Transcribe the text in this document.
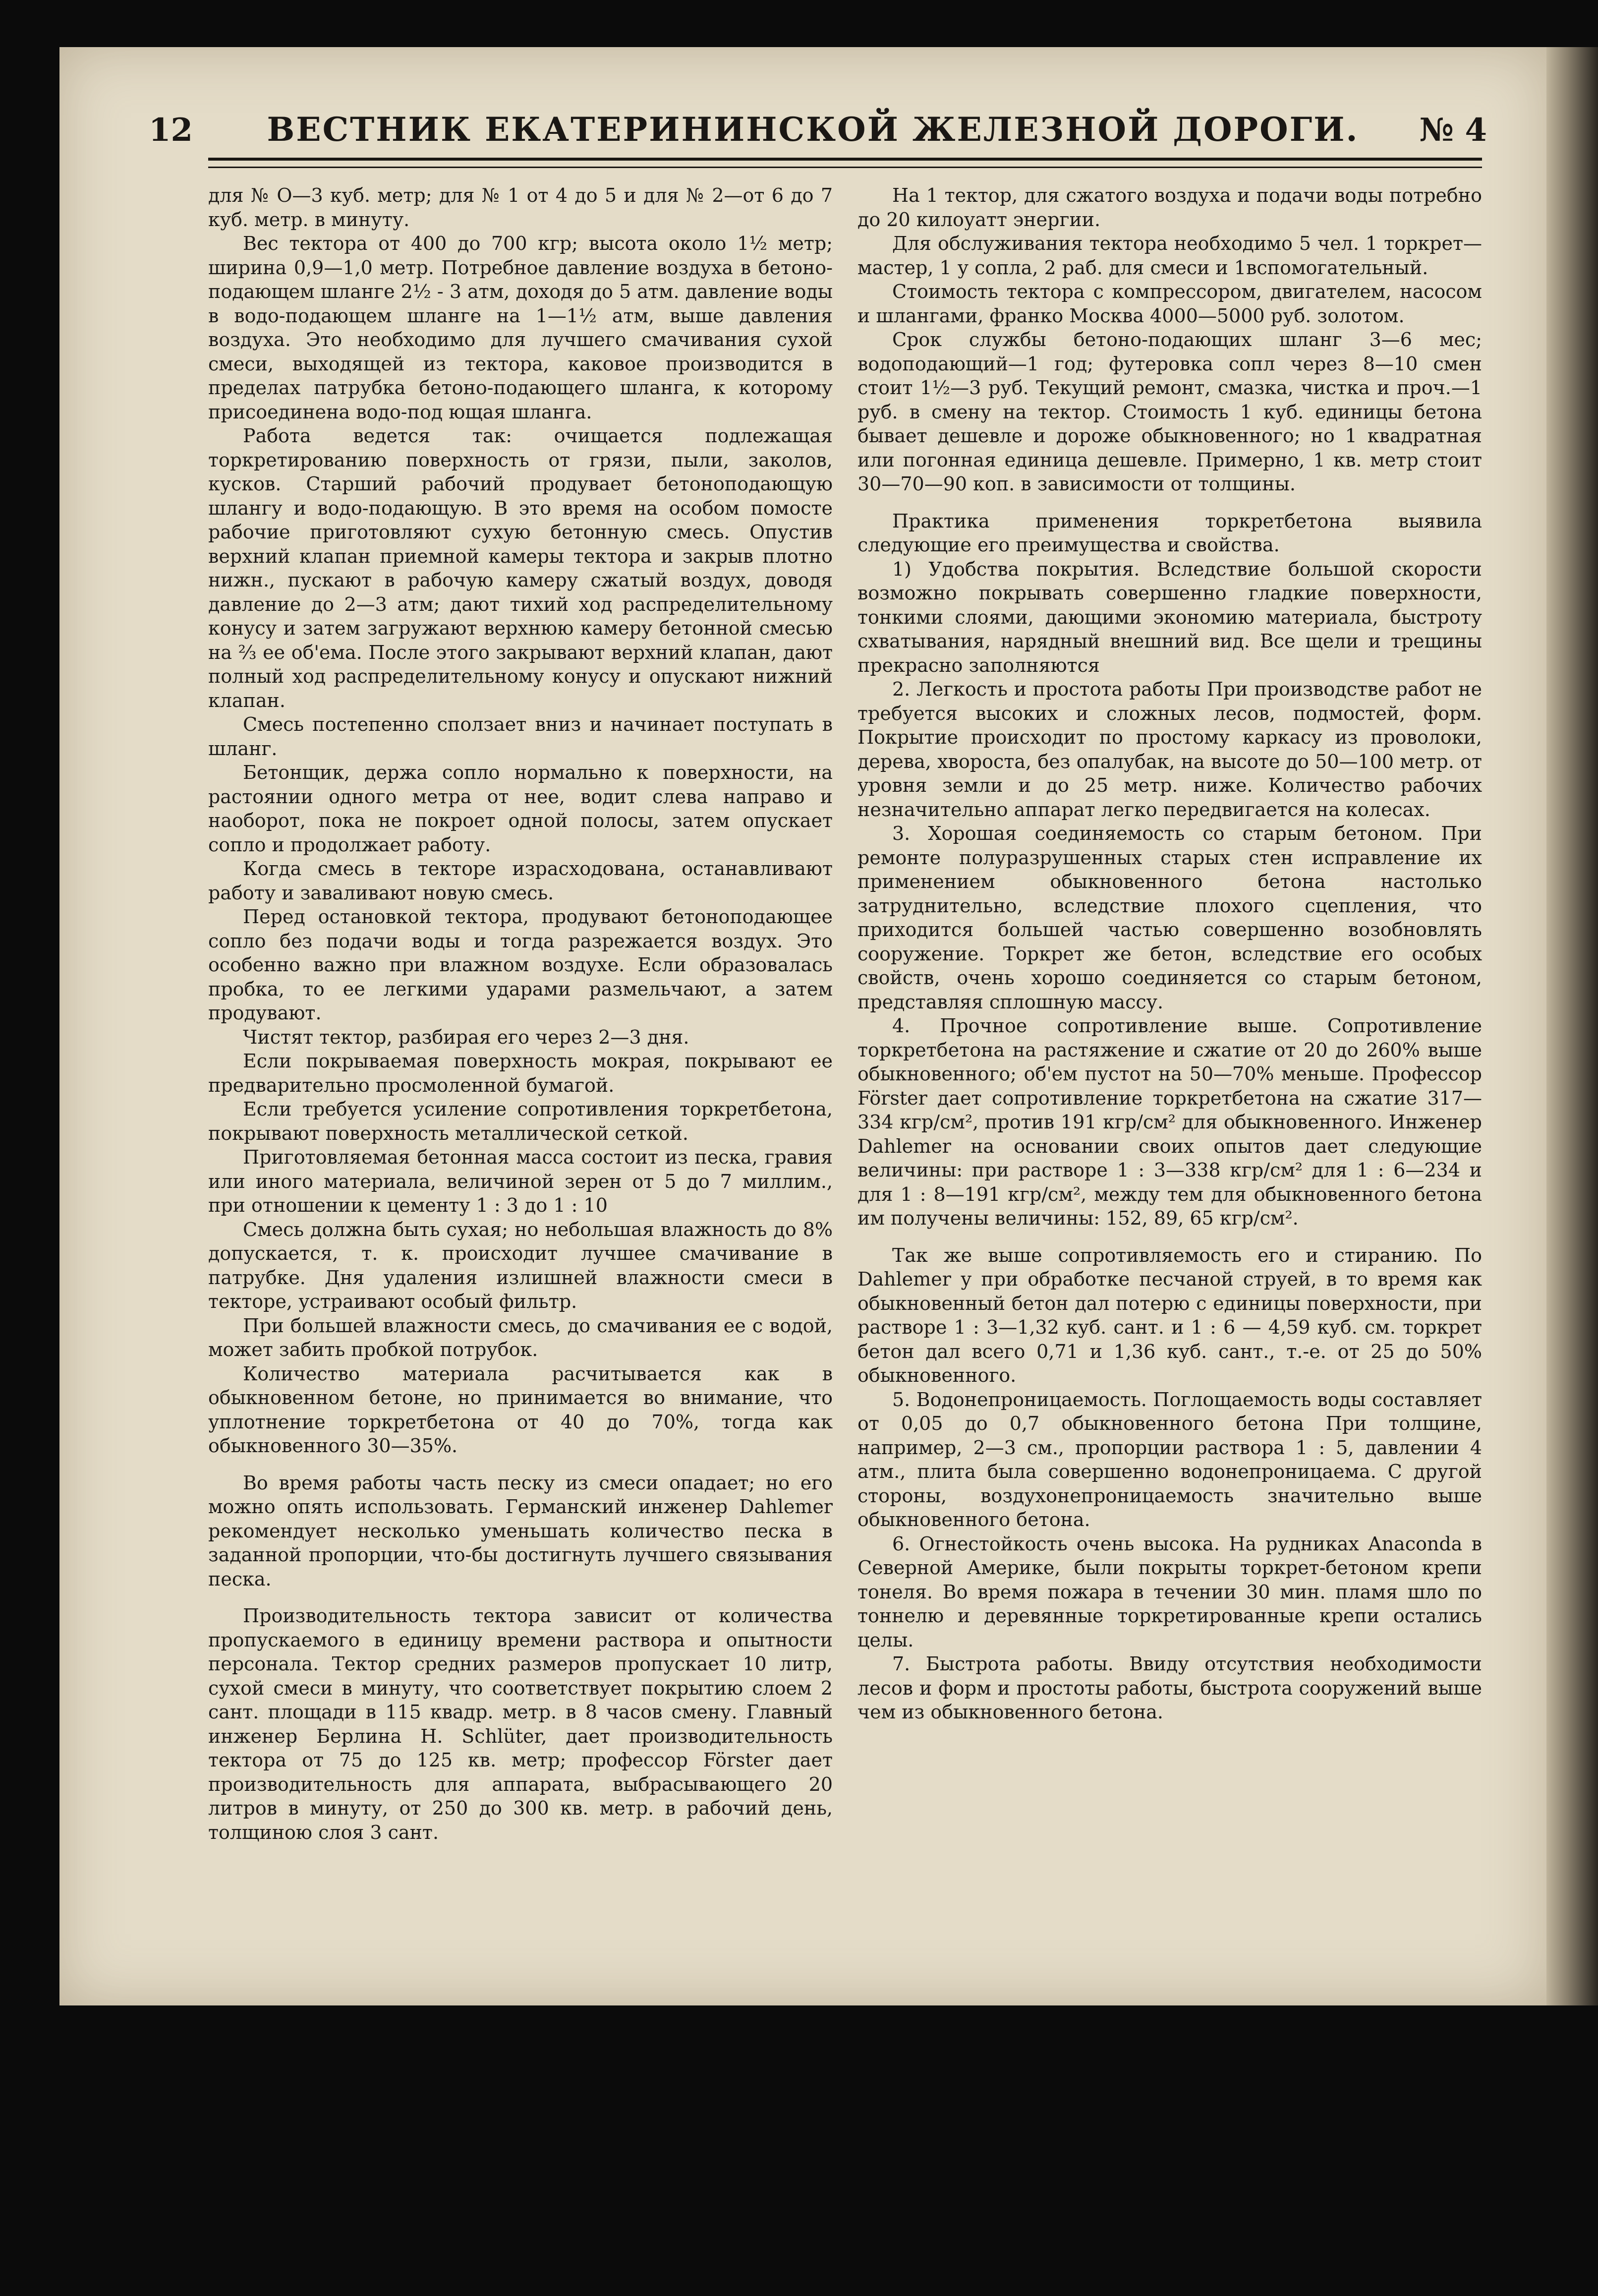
12	ВЕСТНИК ЕКАТЕРИНИНСКОЙ ЖЕЛЕЗНОЙ ДОРОГИ.	№ 4

для № О—3 куб. метр; для № 1 от 4 до 5 и для № 2—от 6 до 7 куб. метр. в минуту.

Вес тектора от 400 до 700 кгр; высота около 1½ метр; ширина 0,9—1,0 метр. Потребное давление воздуха в бетоно-подающем шланге 2½ - 3 атм, доходя до 5 атм. давление воды в водо-подающем шланге на 1—1½ атм, выше давления воздуха. Это необходимо для лучшего смачивания сухой смеси, выходящей из тектора, каковое производится в пределах патрубка бетоно-подающего шланга, к которому присоединена водо-под ющая шланга.

Работа ведется так: очищается подлежащая торкретированию поверхность от грязи, пыли, заколов, кусков. Старший рабочий продувает бетоноподающую шлангу и водо-подающую. В это время на особом помосте рабочие приготовляют сухую бетонную смесь. Опустив верхний клапан приемной камеры тектора и закрыв плотно нижн., пускают в рабочую камеру сжатый воздух, доводя давление до 2—3 атм; дают тихий ход распределительному конусу и затем загружают верхнюю камеру бетонной смесью на ⅔ ее об'ема. После этого закрывают верхний клапан, дают полный ход распределительному конусу и опускают нижний клапан.

Смесь постепенно сползает вниз и начинает поступать в шланг.

Бетонщик, держа сопло нормально к поверхности, на растоянии одного метра от нее, водит слева направо и наоборот, пока не покроет одной полосы, затем опускает сопло и продолжает работу.

Когда смесь в текторе израсходована, останавливают работу и заваливают новую смесь.

Перед остановкой тектора, продувают бетоноподающее сопло без подачи воды и тогда разрежается воздух. Это особенно важно при влажном воздухе. Если образовалась пробка, то ее легкими ударами размельчают, а затем продувают.

Чистят тектор, разбирая его через 2—3 дня.

Если покрываемая поверхность мокрая, покрывают ее предварительно просмоленной бумагой.

Если требуется усиление сопротивления торкретбетона, покрывают поверхность металлической сеткой.

Приготовляемая бетонная масса состоит из песка, гравия или иного материала, величиной зерен от 5 до 7 миллим., при отношении к цементу 1 : 3 до 1 : 10

Смесь должна быть сухая; но небольшая влажность до 8% допускается, т. к. происходит лучшее смачивание в патрубке. Дня удаления излишней влажности смеси в текторе, устраивают особый фильтр.

При большей влажности смесь, до смачивания ее с водой, может забить пробкой потрубок.

Количество материала расчитывается как в обыкновенном бетоне, но принимается во внимание, что уплотнение торкретбетона от 40 до 70%, тогда как обыкновенного 30—35%.

Во время работы часть песку из смеси опадает; но его можно опять использовать. Германский инженер Dahlemer рекомендует несколько уменьшать количество песка в заданной пропорции, что-бы достигнуть лучшего связывания песка.

Производительность тектора зависит от количества пропускаемого в единицу времени раствора и опытности персонала. Тектор средних размеров пропускает 10 литр, сухой смеси в минуту, что соответствует покрытию слоем 2 сант. площади в 115 квадр. метр. в 8 часов смену. Главный инженер Берлина Н. Schlüter, дает производительность тектора от 75 до 125 кв. метр; профессор Förster дает производительность для аппарата, выбрасывающего 20 литров в минуту, от 250 до 300 кв. метр. в рабочий день, толщиною слоя 3 сант.

На 1 тектор, для сжатого воздуха и подачи воды потребно до 20 килоуатт энергии.

Для обслуживания тектора необходимо 5 чел. 1 торкрет—мастер, 1 у сопла, 2 раб. для смеси и 1вспомогательный.

Стоимость тектора с компрессором, двигателем, насосом и шлангами, франко Москва 4000—5000 руб. золотом.

Срок службы бетоно-подающих шланг 3—6 мес; водоподающий—1 год; футеровка сопл через 8—10 смен стоит 1½—3 руб. Текущий ремонт, смазка, чистка и проч.—1 руб. в смену на тектор. Стоимость 1 куб. единицы бетона бывает дешевле и дороже обыкновенного; но 1 квадратная или погонная единица дешевле. Примерно, 1 кв. метр стоит 30—70—90 коп. в зависимости от толщины.

Практика применения торкретбетона выявила следующие его преимущества и свойства.

1) Удобства покрытия. Вследствие большой скорости возможно покрывать совершенно гладкие поверхности, тонкими слоями, дающими экономию материала, быстроту схватывания, нарядный внешний вид. Все щели и трещины прекрасно заполняются

2. Легкость и простота работы При производстве работ не требуется высоких и сложных лесов, подмостей, форм. Покрытие происходит по простому каркасу из проволоки, дерева, хвороста, без опалубак, на высоте до 50—100 метр. от уровня земли и до 25 метр. ниже. Количество рабочих незначительно аппарат легко передвигается на колесах.

3. Хорошая соединяемость со старым бетоном. При ремонте полуразрушенных старых стен исправление их применением обыкновенного бетона настолько затруднительно, вследствие плохого сцепления, что приходится большей частью совершенно возобновлять сооружение. Торкрет же бетон, вследствие его особых свойств, очень хорошо соединяется со старым бетоном, представляя сплошную массу.

4. Прочное сопротивление выше. Сопротивление торкретбетона на растяжение и сжатие от 20 до 260% выше обыкновенного; об'ем пустот на 50—70% меньше. Профессор Förster дает сопротивление торкретбетона на сжатие 317—334 кгр/см², против 191 кгр/см² для обыкновенного. Инженер Dahlemer на основании своих опытов дает следующие величины: при растворе 1 : 3—338 кгр/см² для 1 : 6—234 и для 1 : 8—191 кгр/см², между тем для обыкновенного бетона им получены величины: 152, 89, 65 кгр/см².

Так же выше сопротивляемость его и стиранию. По Dahlemer у при обработке песчаной струей, в то время как обыкновенный бетон дал потерю с единицы поверхности, при растворе 1 : 3—1,32 куб. сант. и 1 : 6 — 4,59 куб. см. торкрет бетон дал всего 0,71 и 1,36 куб. сант., т.-е. от 25 до 50% обыкновенного.

5. Водонепроницаемость. Поглощаемость воды составляет от 0,05 до 0,7 обыкновенного бетона При толщине, например, 2—3 см., пропорции раствора 1 : 5, давлении 4 атм., плита была совершенно водонепроницаема. С другой стороны, воздухонепроницаемость значительно выше обыкновенного бетона.

6. Огнестойкость очень высока. На рудниках Anaconda в Северной Америке, были покрыты торкрет-бетоном крепи тонеля. Во время пожара в течении 30 мин. пламя шло по тоннелю и деревянные торкретированные крепи остались целы.

7. Быстрота работы. Ввиду отсутствия необходимости лесов и форм и простоты работы, быстрота сооружений выше чем из обыкновенного бетона.
